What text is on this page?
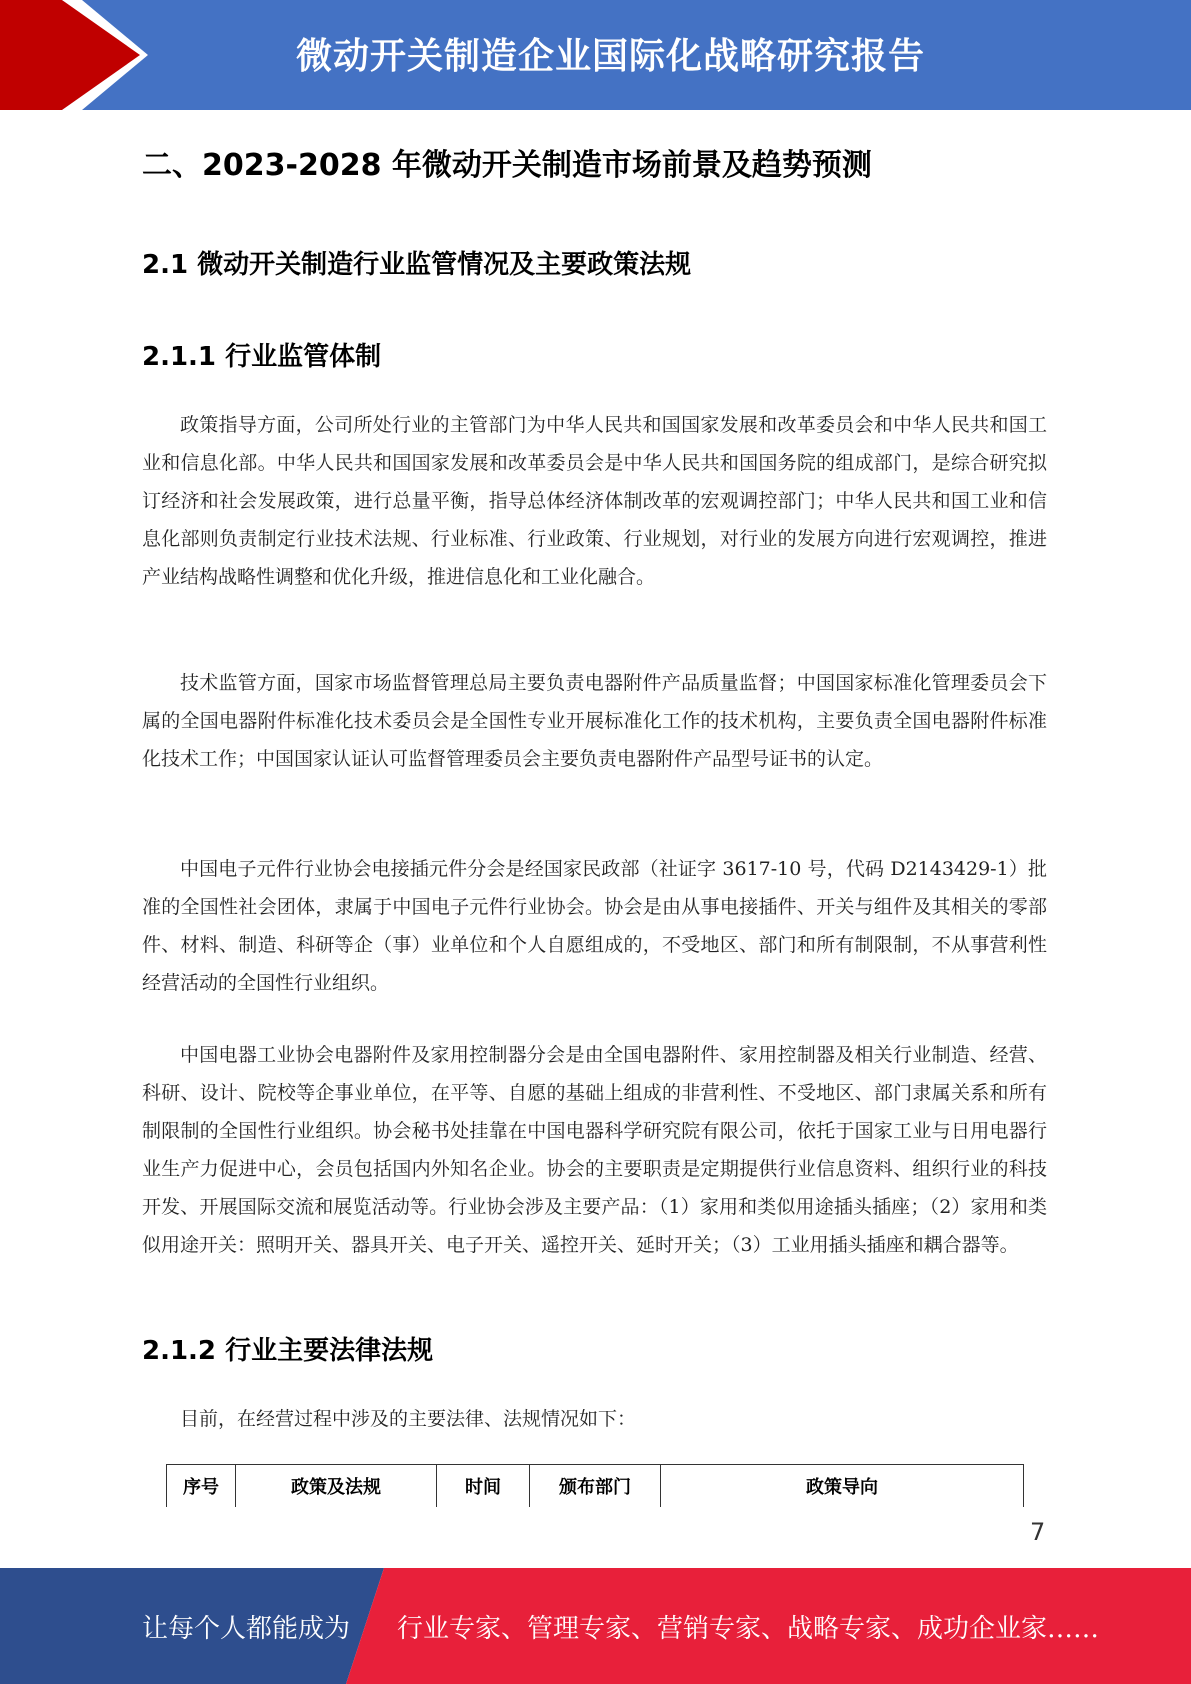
微动开关制造企业国际化战略研究报告
二、2023-2028 年微动开关制造市场前景及趋势预测
2.1 微动开关制造行业监管情况及主要政策法规
2.1.1 行业监管体制

政策指导方面，公司所处行业的主管部门为中华人民共和国国家发展和改革委员会和中华人民共和国工业和信息化部。中华人民共和国国家发展和改革委员会是中华人民共和国国务院的组成部门，是综合研究拟订经济和社会发展政策，进行总量平衡，指导总体经济体制改革的宏观调控部门；中华人民共和国工业和信息化部则负责制定行业技术法规、行业标准、行业政策、行业规划，对行业的发展方向进行宏观调控，推进产业结构战略性调整和优化升级，推进信息化和工业化融合。

技术监管方面，国家市场监督管理总局主要负责电器附件产品质量监督；中国国家标准化管理委员会下属的全国电器附件标准化技术委员会是全国性专业开展标准化工作的技术机构，主要负责全国电器附件标准化技术工作；中国国家认证认可监督管理委员会主要负责电器附件产品型号证书的认定。

中国电子元件行业协会电接插元件分会是经国家民政部（社证字 3617-10 号，代码 D2143429-1）批准的全国性社会团体，隶属于中国电子元件行业协会。协会是由从事电接插件、开关与组件及其相关的零部件、材料、制造、科研等企（事）业单位和个人自愿组成的，不受地区、部门和所有制限制，不从事营利性经营活动的全国性行业组织。

中国电器工业协会电器附件及家用控制器分会是由全国电器附件、家用控制器及相关行业制造、经营、科研、设计、院校等企事业单位，在平等、自愿的基础上组成的非营利性、不受地区、部门隶属关系和所有制限制的全国性行业组织。协会秘书处挂靠在中国电器科学研究院有限公司，依托于国家工业与日用电器行业生产力促进中心，会员包括国内外知名企业。协会的主要职责是定期提供行业信息资料、组织行业的科技开发、开展国际交流和展览活动等。行业协会涉及主要产品：（1）家用和类似用途插头插座；（2）家用和类似用途开关：照明开关、器具开关、电子开关、遥控开关、延时开关；（3）工业用插头插座和耦合器等。

2.1.2 行业主要法律法规

目前，在经营过程中涉及的主要法律、法规情况如下：

序号	政策及法规	时间	颁布部门	政策导向
7
让每个人都能成为 行业专家、管理专家、营销专家、战略专家、成功企业家……
